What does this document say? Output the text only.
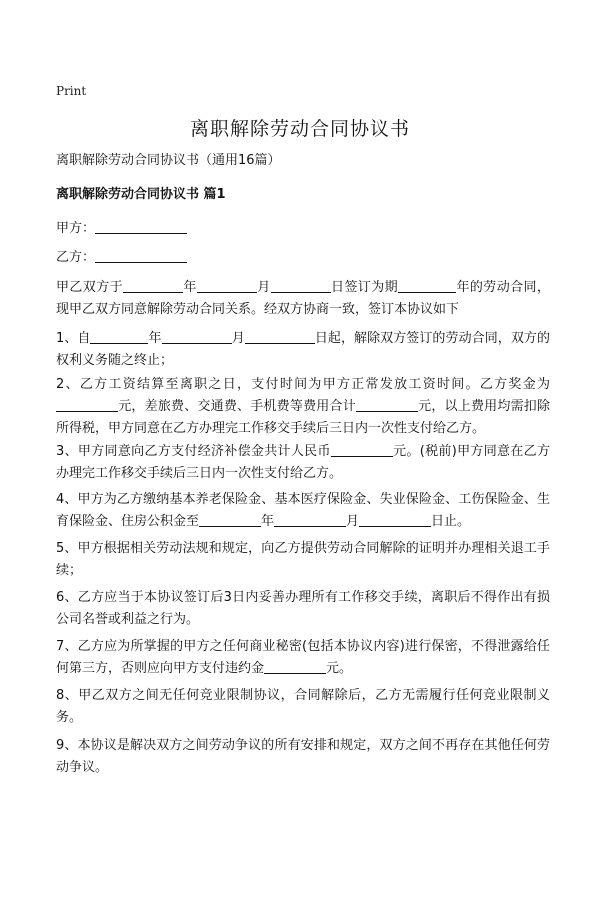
Print
离职解除劳动合同协议书
离职解除劳动合同协议书（通用16篇）
离职解除劳动合同协议书 篇1
甲方：
乙方：
甲乙双方于	年	月	日签订为期	年的劳动合同，现甲乙双方同意解除劳动合同关系。经双方协商一致，签订本协议如下
1、自	年	月	日起，解除双方签订的劳动合同，双方的权利义务随之终止；
2、乙方工资结算至离职之日，支付时间为甲方正常发放工资时间。乙方奖金为元，差旅费、交通费、手机费等费用合计	元，以上费用均需扣除所得税，甲方同意在乙方办理完工作移交手续后三日内一次性支付给乙方。
3、甲方同意向乙方支付经济补偿金共计人民币	元。(税前)甲方同意在乙方办理完工作移交手续后三日内一次性支付给乙方。
4、甲方为乙方缴纳基本养老保险金、基本医疗保险金、失业保险金、工伤保险金、生育保险金、住房公积金至	年	月	日止。
5、甲方根据相关劳动法规和规定，向乙方提供劳动合同解除的证明并办理相关退工手续；
6、乙方应当于本协议签订后3日内妥善办理所有工作移交手续，离职后不得作出有损公司名誉或利益之行为。
7、乙方应为所掌握的甲方之任何商业秘密(包括本协议内容)进行保密，不得泄露给任何第三方，否则应向甲方支付违约金	元。
8、甲乙双方之间无任何竞业限制协议，合同解除后，乙方无需履行任何竞业限制义务。
9、本协议是解决双方之间劳动争议的所有安排和规定，双方之间不再存在其他任何劳动争议。
